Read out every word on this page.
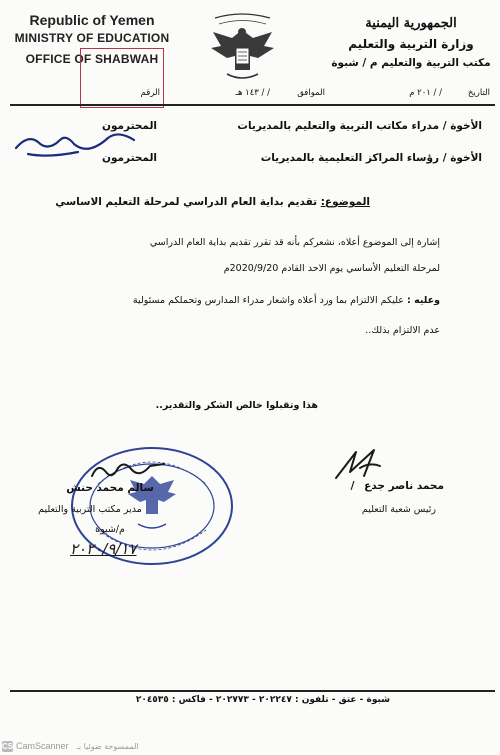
Republic of Yemen
MINISTRY OF EDUCATION
OFFICE OF SHABWAH
الجمهورية اليمنية
وزارة التربية والتعليم
مكتب التربية والتعليم م / شبوة
التاريخ
/ / ٢٠١ م
الموافق
/ / ١٤٣ هـ
الرقم
الأخوة / مدراء مكاتب التربية والتعليم بالمديريات
المحترمون
الأخوة / رؤساء المراكز التعليمية بالمديريات
المحترمون
الموضوع: تقديم بداية العام الدراسي لمرحلة التعليم الاساسي
إشارة إلى الموضوع أعلاه، نشعركم بأنه قد تقرر تقديم بداية العام الدراسي
لمرحلة التعليم الأساسي يوم الاحد القادم 2020/9/20م
وعليه : عليكم الالتزام بما ورد أعلاه واشعار مدراء المدارس وتحملكم مسئولية
عدم الالتزام بذلك..
هذا وتقبلوا خالص الشكر والتقدير..
سالم محمد حنش
مدير مكتب التربية والتعليم
م/شبوة
٢٠٢٠/٩/١٧
محمد ناصر جدع /
رئيس شعبة التعليم
شبوة - عتق - تلفون : ٢٠٢٢٤٧ - ٢٠٢٧٧٣ - فاكس : ٢٠٤٥٣٥
CS CamScanner الممسوحة ضوئيا بـ
